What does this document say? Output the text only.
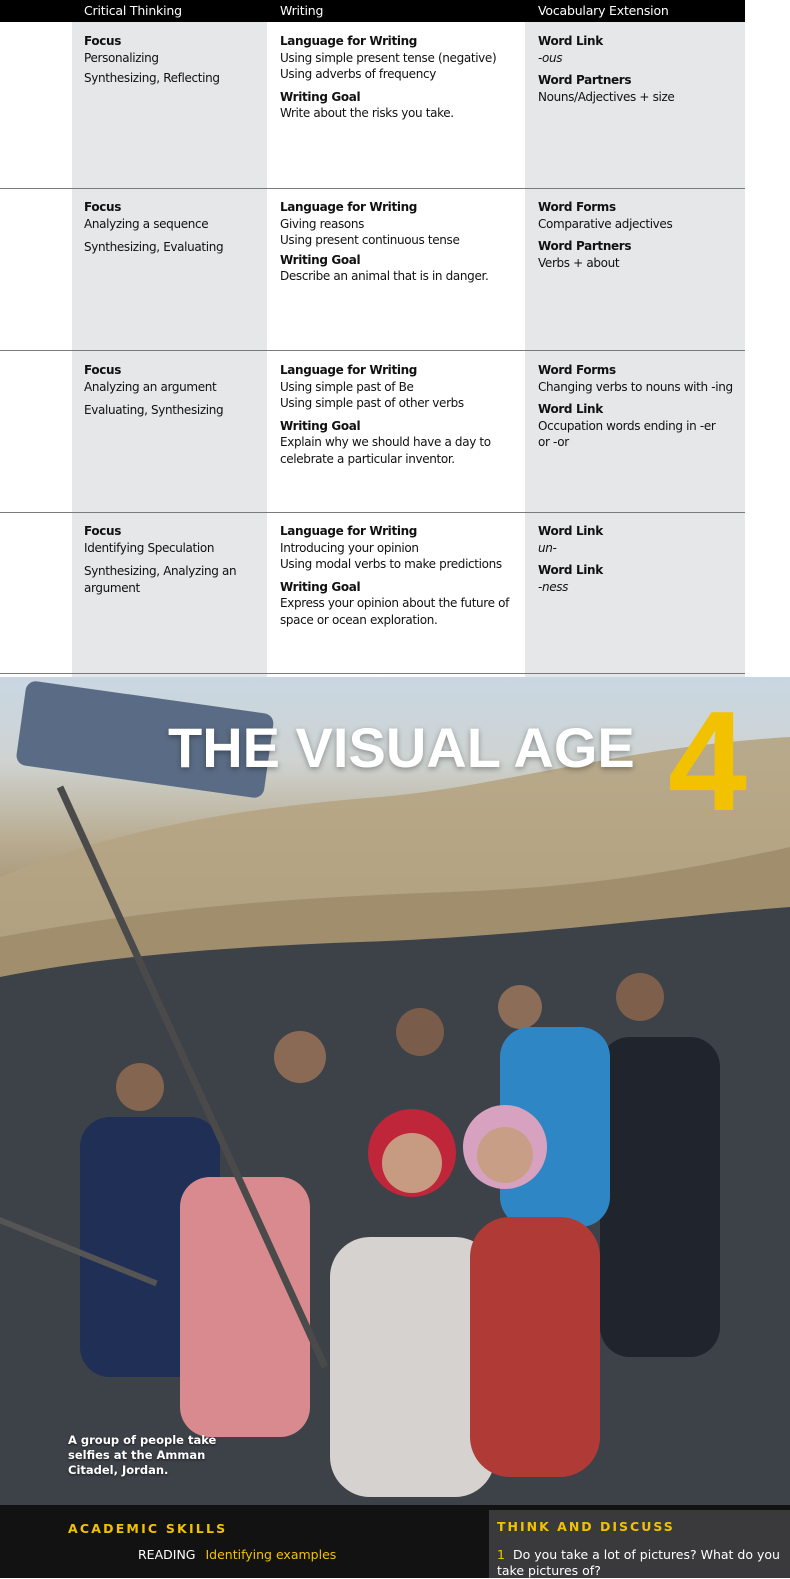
Critical Thinking	Writing	Vocabulary Extension

Focus

Personalizing

Synthesizing, Reflecting

Language for Writing

Using simple present tense (negative)

Using adverbs of frequency

Writing Goal

Write about the risks you take.

Word Link

-ous

Word Partners

Nouns/Adjectives + size

Focus

Analyzing a sequence

Synthesizing, Evaluating

Language for Writing

Giving reasons

Using present continuous tense

Writing Goal

Describe an animal that is in danger.

Word Forms

Comparative adjectives

Word Partners

Verbs + about

Focus

Analyzing an argument

Evaluating, Synthesizing

Language for Writing

Using simple past of Be

Using simple past of other verbs

Writing Goal

Explain why we should have a day to

celebrate a particular inventor.

Word Forms

Changing verbs to nouns with -ing

Word Link

Occupation words ending in -er

or -or

Focus

Identifying Speculation

Synthesizing, Analyzing an

argument

Language for Writing

Introducing your opinion

Using modal verbs to make predictions

Writing Goal

Express your opinion about the future of

space or ocean exploration.

Word Link

un-

Word Link

-ness

THE VISUAL AGE 4
A group of people take selfies at the Amman Citadel, Jordan.
ACADEMIC SKILLS
READING Identifying examples
THINK AND DISCUSS
1 Do you take a lot of pictures? What do you take pictures of?
